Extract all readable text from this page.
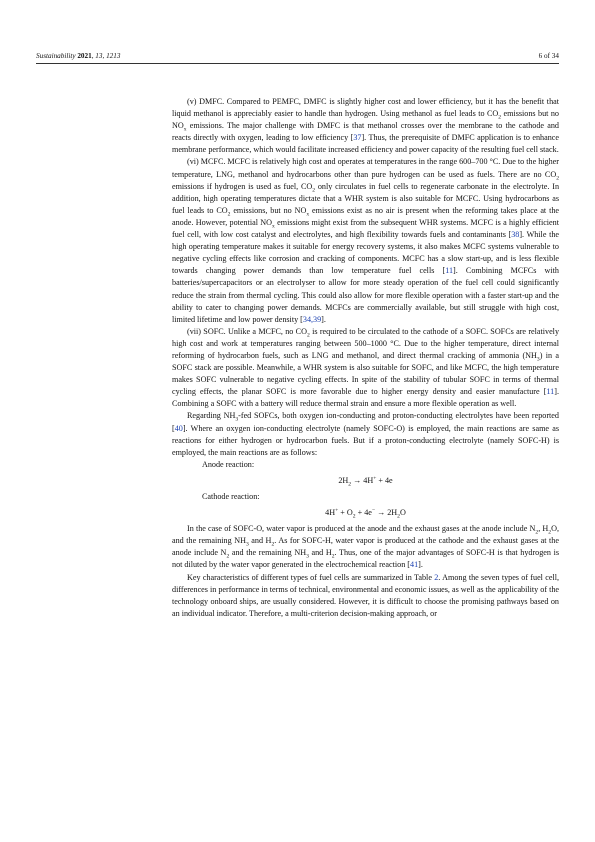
Sustainability 2021, 13, 1213	6 of 34

(v) DMFC. Compared to PEMFC, DMFC is slightly higher cost and lower efficiency, but it has the benefit that liquid methanol is appreciably easier to handle than hydrogen. Using methanol as fuel leads to $CO_2$ emissions but no $NO_x$ emissions. The major challenge with DMFC is that methanol crosses over the membrane to the cathode and reacts directly with oxygen, leading to low efficiency [37]. Thus, the prerequisite of DMFC application is to enhance membrane performance, which would facilitate increased efficiency and power capacity of the resulting fuel cell stack.

(vi) MCFC. MCFC is relatively high cost and operates at temperatures in the range 600–700 °C. Due to the higher temperature, LNG, methanol and hydrocarbons other than pure hydrogen can be used as fuels. There are no $CO_2$ emissions if hydrogen is used as fuel, $CO_2$ only circulates in fuel cells to regenerate carbonate in the electrolyte. In addition, high operating temperatures dictate that a WHR system is also suitable for MCFC. Using hydrocarbons as fuel leads to $CO_2$ emissions, but no $NO_x$ emissions exist as no air is present when the reforming takes place at the anode. However, potential $NO_x$ emissions might exist from the subsequent WHR systems. MCFC is a highly efficient fuel cell, with low cost catalyst and electrolytes, and high flexibility towards fuels and contaminants [38]. While the high operating temperature makes it suitable for energy recovery systems, it also makes MCFC systems vulnerable to negative cycling effects like corrosion and cracking of components. MCFC has a slow start-up, and is less flexible towards changing power demands than low temperature fuel cells [11]. Combining MCFCs with batteries/supercapacitors or an electrolyser to allow for more steady operation of the fuel cell could significantly reduce the strain from thermal cycling. This could also allow for more flexible operation with a faster start-up and the ability to cater to changing power demands. MCFCs are commercially available, but still struggle with high cost, limited lifetime and low power density [34,39].

(vii) SOFC. Unlike a MCFC, no $CO_2$ is required to be circulated to the cathode of a SOFC. SOFCs are relatively high cost and work at temperatures ranging between 500–1000 °C. Due to the higher temperature, direct internal reforming of hydrocarbon fuels, such as LNG and methanol, and direct thermal cracking of ammonia $(NH_3)$ in a SOFC stack are possible. Meanwhile, a WHR system is also suitable for SOFC, and like MCFC, the high temperature makes SOFC vulnerable to negative cycling effects. In spite of the stability of tubular SOFC in terms of thermal cycling effects, the planar SOFC is more favorable due to higher energy density and easier manufacture [11]. Combining a SOFC with a battery will reduce thermal strain and ensure a more flexible operation as well.

Regarding $NH_3$-fed SOFCs, both oxygen ion-conducting and proton-conducting electrolytes have been reported [40]. Where an oxygen ion-conducting electrolyte (namely SOFC-O) is employed, the main reactions are same as reactions for either hydrogen or hydrocarbon fuels. But if a proton-conducting electrolyte (namely SOFC-H) is employed, the main reactions are as follows:

Anode reaction:

$2H_2 \to 4H^+ + 4e$

Cathode reaction:

$4H^+ + O_2 + 4e^- \to 2H_2O$

In the case of SOFC-O, water vapor is produced at the anode and the exhaust gases at the anode include $N_2$, $H_2O$, and the remaining $NH_3$ and $H_2$. As for SOFC-H, water vapor is produced at the cathode and the exhaust gases at the anode include $N_2$ and the remaining $NH_3$ and $H_2$. Thus, one of the major advantages of SOFC-H is that hydrogen is not diluted by the water vapor generated in the electrochemical reaction [41].

Key characteristics of different types of fuel cells are summarized in Table 2. Among the seven types of fuel cell, differences in performance in terms of technical, environmental and economic issues, as well as the applicability of the technology onboard ships, are usually considered. However, it is difficult to choose the promising pathways based on an individual indicator. Therefore, a multi-criterion decision-making approach, or
